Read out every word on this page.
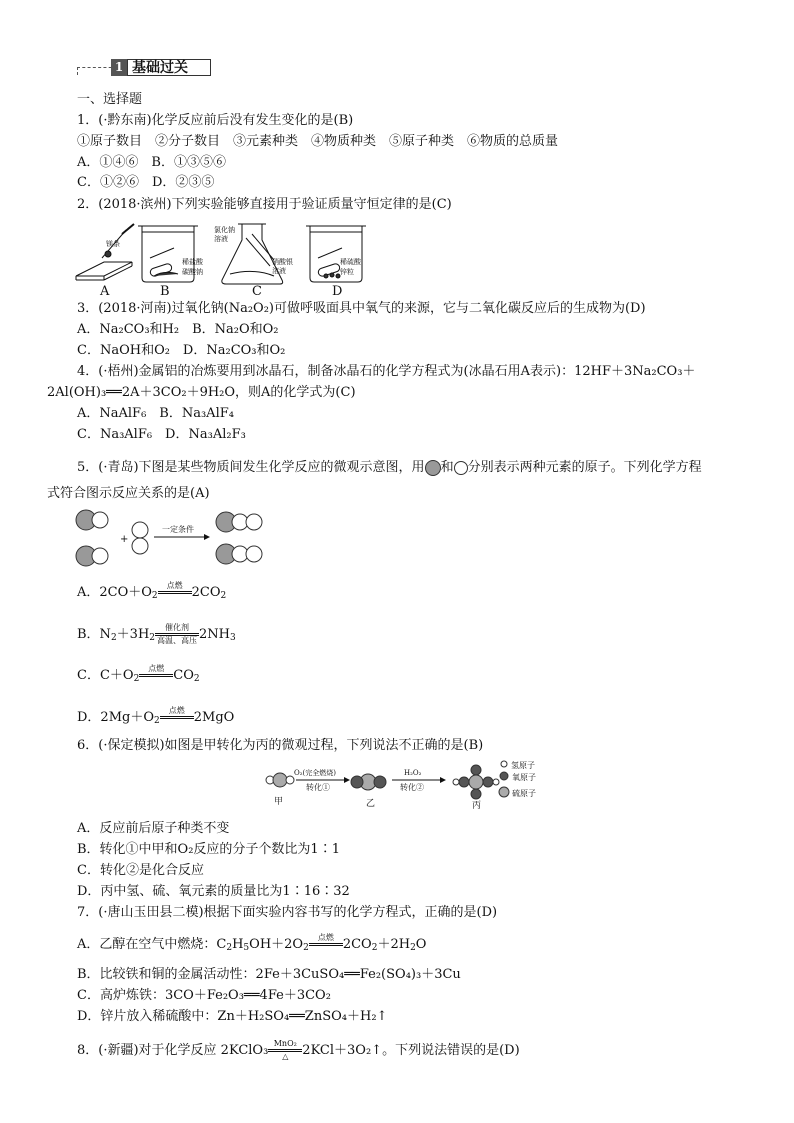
1 基础过关
一、选择题
1．(·黔东南)化学反应前后没有发生变化的是(B)
①原子数目　②分子数目　③元素种类　④物质种类　⑤原子种类　⑥物质的总质量
A．①④⑥　B．①③⑤⑥
C．①②⑥　D．②③⑤
2．(2018·滨州)下列实验能够直接用于验证质量守恒定律的是(C)
镁条
稀盐酸
碳酸钠
氯化钠
溶液
硝酸银
溶液
稀硫酸
锌粒
A	B	C	D
3．(2018·河南)过氧化钠(Na₂O₂)可做呼吸面具中氧气的来源，它与二氧化碳反应后的生成物为(D)
A．Na₂CO₃和H₂　B．Na₂O和O₂
C．NaOH和O₂　D．Na₂CO₃和O₂
4．(·梧州)金属铝的冶炼要用到冰晶石，制备冰晶石的化学方程式为(冰晶石用A表示)：12HF＋3Na₂CO₃＋
2Al(OH)₃══2A＋3CO₂＋9H₂O，则A的化学式为(C)
A．NaAlF₆　B．Na₃AlF₄
C．Na₃AlF₆　D．Na₃Al₂F₃
5．(·青岛)下图是某些物质间发生化学反应的微观示意图，用 和 分别表示两种元素的原子。下列化学方程
式符合图示反应关系的是(A)
+
一定条件
A．$2CO+O_2$
点燃
$2CO_2$
B．$N_2+3H_2$
催化剂
高温、高压 $2NH_3$
C．$C+O_2$
点燃
$CO_2$
D．$2Mg+O_2$
点燃
2MgO
6．(·保定模拟)如图是甲转化为丙的微观过程，下列说法不正确的是(B)
O₂(完全燃烧)
转化①
H₂O₂
转化②
甲	乙	丙
氢原子
氧原子
硫原子
A．反应前后原子种类不变
B．转化①中甲和O₂反应的分子个数比为1∶1
C．转化②是化合反应
D．丙中氢、硫、氧元素的质量比为1∶16∶32
7．(·唐山玉田县二模)根据下面实验内容书写的化学方程式，正确的是(D)
A．乙醇在空气中燃烧：$C_2H_5OH+2O_2$
点燃
$2CO_2+2H_2O$
B．比较铁和铜的金属活动性：2Fe＋3CuSO₄══Fe₂(SO₄)₃＋3Cu
C．高炉炼铁：3CO＋Fe₂O₃══4Fe＋3CO₂
D．锌片放入稀硫酸中：Zn＋H₂SO₄══ZnSO₄＋H₂↑
8．(·新疆)对于化学反应 2KClO₃ MnO₂
△	2KCl＋3O₂↑。下列说法错误的是(D)
